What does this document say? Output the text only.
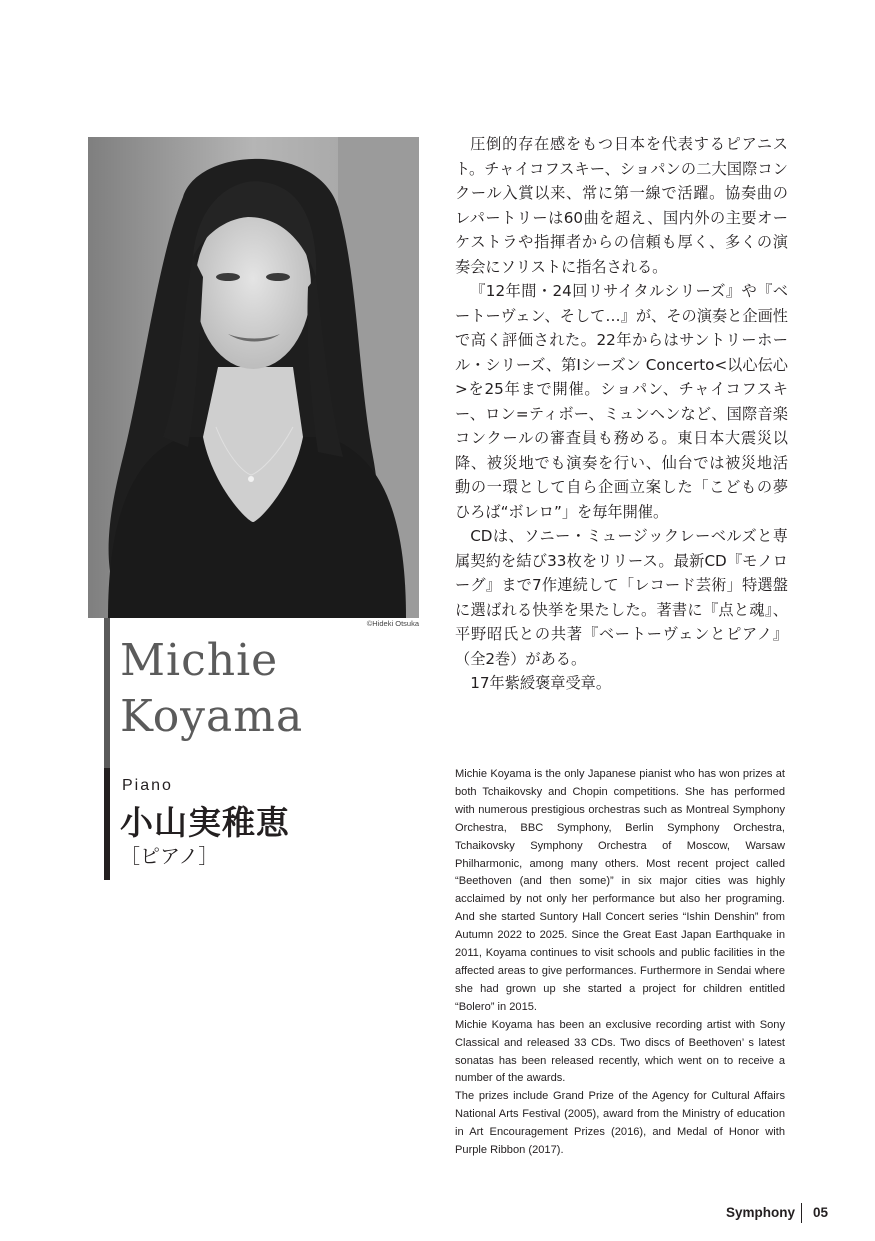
©Hideki Otsuka
Michie
Koyama
Piano
小山実稚恵
［ピアノ］

圧倒的存在感をもつ日本を代表するピアニスト。チャイコフスキー、ショパンの二大国際コンクール入賞以来、常に第一線で活躍。協奏曲のレパートリーは60曲を超え、国内外の主要オーケストラや指揮者からの信頼も厚く、多くの演奏会にソリストに指名される。

『12年間・24回リサイタルシリーズ』や『ベートーヴェン、そして…』が、その演奏と企画性で高く評価された。22年からはサントリーホール・シリーズ、第Ⅰシーズン Concerto<以心伝心>を25年まで開催。ショパン、チャイコフスキー、ロン=ティボー、ミュンヘンなど、国際音楽コンクールの審査員も務める。東日本大震災以降、被災地でも演奏を行い、仙台では被災地活動の一環として自ら企画立案した「こどもの夢ひろば“ボレロ”」を毎年開催。

CDは、ソニー・ミュージックレーベルズと専属契約を結び33枚をリリース。最新CD『モノローグ』まで7作連続して「レコード芸術」特選盤に選ばれる快挙を果たした。著書に『点と魂』、平野昭氏との共著『ベートーヴェンとピアノ』（全2巻）がある。

17年紫綬褒章受章。

Michie Koyama is the only Japanese pianist who has won prizes at both Tchaikovsky and Chopin competitions. She has performed with numerous prestigious orchestras such as Montreal Symphony Orchestra, BBC Symphony, Berlin Symphony Orchestra, Tchaikovsky Symphony Orchestra of Moscow, Warsaw Philharmonic, among many others. Most recent project called “Beethoven (and then some)” in six major cities was highly acclaimed by not only her performance but also her programing. And she started Suntory Hall Concert series “Ishin Denshin” from Autumn 2022 to 2025. Since the Great East Japan Earthquake in 2011, Koyama continues to visit schools and public facilities in the affected areas to give performances. Furthermore in Sendai where she had grown up she started a project for children entitled “Bolero” in 2015.

Michie Koyama has been an exclusive recording artist with Sony Classical and released 33 CDs. Two discs of Beethoven’ s latest sonatas has been released recently, which went on to receive a number of the awards.

The prizes include Grand Prize of the Agency for Cultural Affairs National Arts Festival (2005), award from the Ministry of education in Art Encouragement Prizes (2016), and Medal of Honor with Purple Ribbon (2017).

Symphony 05
